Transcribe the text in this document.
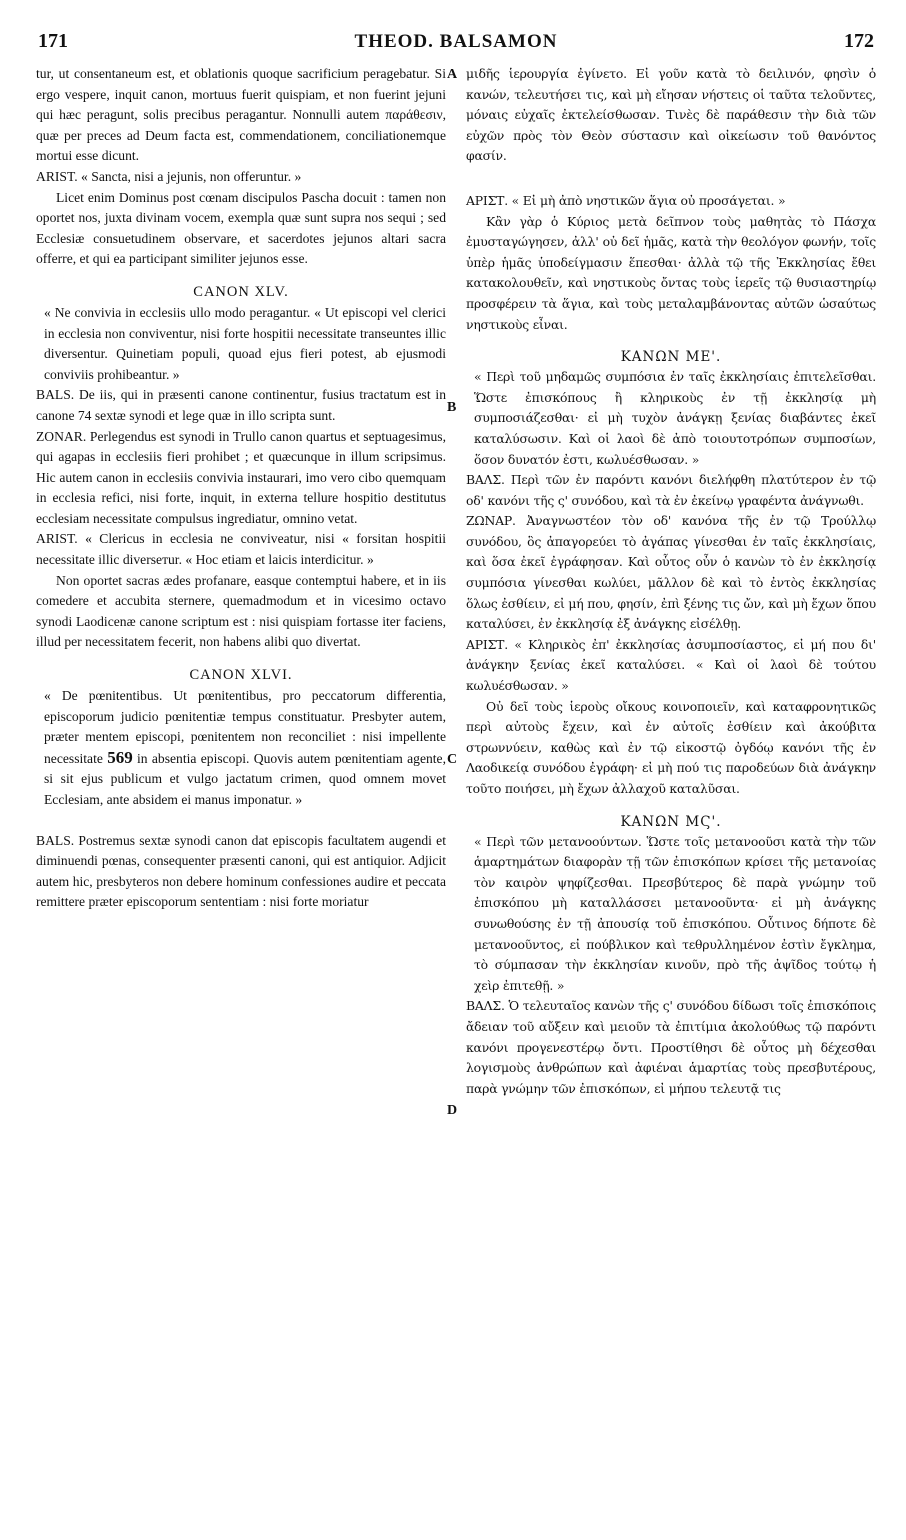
171	THEOD. BALSAMON	172
A
B
C
D

tur, ut consentaneum est, et oblationis quoque sacrificium peragebatur. Si ergo vespere, inquit canon, mortuus fuerit quispiam, et non fuerint jejuni qui hæc peragunt, solis precibus peragantur. Nonnulli autem παράθεσιν, quæ per preces ad Deum facta est, commendationem, conciliationemque mortui esse dicunt.

ARIST. « Sancta, nisi a jejunis, non offeruntur. »

Licet enim Dominus post cœnam discipulos Pascha docuit : tamen non oportet nos, juxta divinam vocem, exempla quæ sunt supra nos sequi ; sed Ecclesiæ consuetudinem observare, et sacerdotes jejunos altari sacra offerre, et qui ea participant similiter jejunos esse.

CANON XLV.

« Ne convivia in ecclesiis ullo modo peragantur. « Ut episcopi vel clerici in ecclesia non conviventur, nisi forte hospitii necessitate transeuntes illic diversentur. Quinetiam populi, quoad ejus fieri potest, ab ejusmodi conviviis prohibeantur. »

BALS. De iis, qui in præsenti canone continentur, fusius tractatum est in canone 74 sextæ synodi et lege quæ in illo scripta sunt.

ZONAR. Perlegendus est synodi in Trullo canon quartus et septuagesimus, qui agapas in ecclesiis fieri prohibet ; et quæcunque in illum scripsimus. Hic autem canon in ecclesiis convivia instaurari, imo vero cibo quemquam in ecclesia refici, nisi forte, inquit, in externa tellure hospitio destitutus ecclesiam necessitate compulsus ingrediatur, omnino vetat.

ARIST. « Clericus in ecclesia ne conviveatur, nisi « forsitan hospitii necessitate illic diverseтur. « Hoc etiam et laicis interdicitur. »

Non oportet sacras ædes profanare, easque contemptui habere, et in iis comedere et accubita sternere, quemadmodum et in vicesimo octavo synodi Laodicenæ canone scriptum est : nisi quispiam fortasse iter faciens, illud per necessitatem fecerit, non habens alibi quo divertat.

CANON XLVI.

« De pœnitentibus. Ut pœnitentibus, pro peccatorum differentia, episcoporum judicio pœnitentiæ tempus constituatur. Presbyter autem, præter mentem episcopi, pœnitentem non reconciliet : nisi impellente necessitate 569 in absentia episcopi. Quovis autem pœnitentiam agente, si sit ejus publicum et vulgo jactatum crimen, quod omnem movet Ecclesiam, ante absidem ei manus imponatur. »

BALS. Postremus sextæ synodi canon dat episcopis facultatem augendi et diminuendi pœnas, consequenter præsenti canoni, qui est antiquior. Adjicit autem hic, presbyteros non debere hominum confessiones audire et peccata remittere præter episcoporum sententiam : nisi forte moriatur

μιδῆς ἱερουργία ἐγίνετο. Εἰ γοῦν κατὰ τὸ δειλινόν, φησὶν ὁ κανών, τελευτήσει τις, καὶ μὴ εἴησαν νήστεις οἱ ταῦτα τελοῦντες, μόναις εὐχαῖς ἐκτελείσθωσαν. Τινὲς δὲ παράθεσιν τὴν διὰ τῶν εὐχῶν πρὸς τὸν Θεὸν σύστασιν καὶ οἰκείωσιν τοῦ θανόντος φασίν.

ΑΡΙΣΤ. « Εἰ μὴ ἀπὸ νηστικῶν ἅγια οὐ προσάγεται. »

Κἂν γὰρ ὁ Κύριος μετὰ δεῖπνον τοὺς μαθητὰς τὸ Πάσχα ἐμυσταγώγησεν, ἀλλ' οὐ δεῖ ἡμᾶς, κατὰ τὴν θεολόγον φωνήν, τοῖς ὑπὲρ ἡμᾶς ὑποδείγμασιν ἕπεσθαι· ἀλλὰ τῷ τῆς Ἐκκλησίας ἔθει κατακολουθεῖν, καὶ νηστικοὺς ὄντας τοὺς ἱερεῖς τῷ θυσιαστηρίῳ προσφέρειν τὰ ἅγια, καὶ τοὺς μεταλαμβάνοντας αὐτῶν ὡσαύτως νηστικοὺς εἶναι.

ΚΑΝΩΝ ΜΕ'.

« Περὶ τοῦ μηδαμῶς συμπόσια ἐν ταῖς ἐκκλησίαις ἐπιτελεῖσθαι. Ὥστε ἐπισκόπους ἢ κληρικοὺς ἐν τῇ ἐκκλησίᾳ μὴ συμποσιάζεσθαι· εἰ μὴ τυχὸν ἀνάγκῃ ξενίας διαβάντες ἐκεῖ καταλύσωσιν. Καὶ οἱ λαοὶ δὲ ἀπὸ τοιουτοτρόπων συμποσίων, ὅσον δυνατόν ἐστι, κωλυέσθωσαν. »

ΒΑΛΣ. Περὶ τῶν ἐν παρόντι κανόνι διελήφθη πλατύτερον ἐν τῷ οδ' κανόνι τῆς ς' συνόδου, καὶ τὰ ἐν ἐκείνῳ γραφέντα ἀνάγνωθι.

ΖΩΝΑΡ. Ἀναγνωστέον τὸν οδ' κανόνα τῆς ἐν τῷ Τρούλλῳ συνόδου, ὃς ἀπαγορεύει τὸ ἀγάπας γίνεσθαι ἐν ταῖς ἐκκλησίαις, καὶ ὅσα ἐκεῖ ἐγράφησαν. Καὶ οὗτος οὖν ὁ κανὼν τὸ ἐν ἐκκλησίᾳ συμπόσια γίνεσθαι κωλύει, μᾶλλον δὲ καὶ τὸ ἐντὸς ἐκκλησίας ὅλως ἐσθίειν, εἰ μή που, φησίν, ἐπὶ ξένης τις ὤν, καὶ μὴ ἔχων ὅπου καταλύσει, ἐν ἐκκλησίᾳ ἐξ ἀνάγκης εἰσέλθῃ.

ΑΡΙΣΤ. « Κληρικὸς ἐπ' ἐκκλησίας ἀσυμποσίαστος, εἰ μή που δι' ἀνάγκην ξενίας ἐκεῖ καταλύσει. « Καὶ οἱ λαοὶ δὲ τούτου κωλυέσθωσαν. »

Οὐ δεῖ τοὺς ἱεροὺς οἴκους κοινοποιεῖν, καὶ καταφρονητικῶς περὶ αὐτοὺς ἔχειν, καὶ ἐν αὐτοῖς ἐσθίειν καὶ ἀκούβιτα στρωννύειν, καθὼς καὶ ἐν τῷ εἰκοστῷ ὀγδόῳ κανόνι τῆς ἐν Λαοδικείᾳ συνόδου ἐγράφη· εἰ μὴ πού τις παροδεύων διὰ ἀνάγκην τοῦτο ποιήσει, μὴ ἔχων ἀλλαχοῦ καταλῦσαι.

ΚΑΝΩΝ ΜϚ'.

« Περὶ τῶν μετανοούντων. Ὥστε τοῖς μετανοοῦσι κατὰ τὴν τῶν ἁμαρτημάτων διαφορὰν τῇ τῶν ἐπισκόπων κρίσει τῆς μετανοίας τὸν καιρὸν ψηφίζεσθαι. Πρεσβύτερος δὲ παρὰ γνώμην τοῦ ἐπισκόπου μὴ καταλλάσσει μετανοοῦντα· εἰ μὴ ἀνάγκης συνωθούσης ἐν τῇ ἀπουσίᾳ τοῦ ἐπισκόπου. Οὗτινος δήποτε δὲ μετανοοῦντος, εἰ πούβλικον καὶ τεθρυλλημένον ἐστὶν ἔγκλημα, τὸ σύμπασαν τὴν ἐκκλησίαν κινοῦν, πρὸ τῆς ἀψῖδος τούτῳ ἡ χεὶρ ἐπιτεθῇ. »

ΒΑΛΣ. Ὁ τελευταῖος κανὼν τῆς ς' συνόδου δίδωσι τοῖς ἐπισκόποις ἄδειαν τοῦ αὔξειν καὶ μειοῦν τὰ ἐπιτίμια ἀκολούθως τῷ παρόντι κανόνι προγενεστέρῳ ὄντι. Προστίθησι δὲ οὗτος μὴ δέχεσθαι λογισμοὺς ἀνθρώπων καὶ ἀφιέναι ἁμαρτίας τοὺς πρεσβυτέρους, παρὰ γνώμην τῶν ἐπισκόπων, εἰ μήπου τελευτᾷ τις
